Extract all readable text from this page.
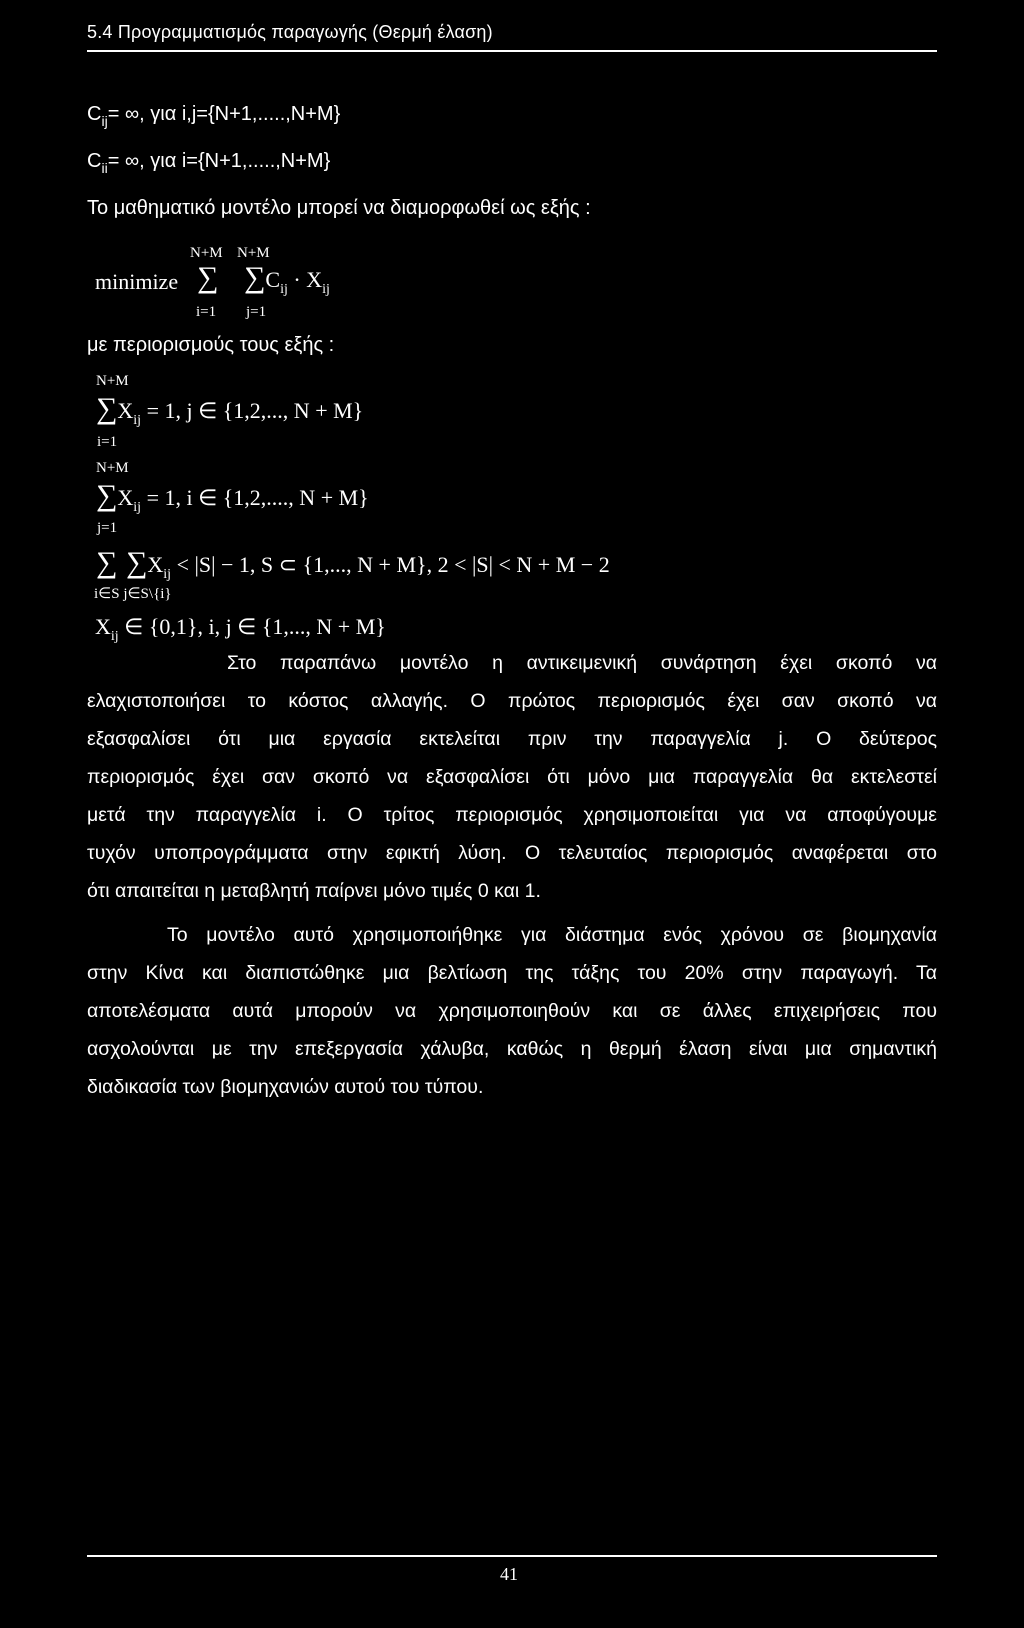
5.4 Προγραμματισμός παραγωγής (Θερμή έλαση)
$C_{ij}=$ ∞, για i,j={N+1,.....,N+M}
$C_{ii}=$ ∞, για i={N+1,.....,N+M}
Το μαθηματικό μοντέλο μπορεί να διαμορφωθεί ως εξής :
N+M N+M
minimize ∑ $\sum C_{ij} \cdot X_{ij}$
i=1 j=1
με περιορισμούς τους εξής :
N+M
$\sum X_{ij} = 1$, j ∈ {1,2,..., N + M}
i=1
N+M
$\sum X_{ij} = 1$, i ∈ {1,2,...., N + M}
j=1
∑ $\sum X_{ij} < |S| - 1$, S ⊂ {1,..., N + M}, 2 < |S| < N + M − 2
i∈S j∈S\{i}
$X_{ij}$ ∈ {0,1}, i, j ∈ {1,..., N + M}
Στο παραπάνω μοντέλο η αντικειμενική συνάρτηση έχει σκοπό να
ελαχιστοποιήσει το κόστος αλλαγής. Ο πρώτος περιορισμός έχει σαν σκοπό να
εξασφαλίσει ότι μια εργασία εκτελείται πριν την παραγγελία j. Ο δεύτερος
περιορισμός έχει σαν σκοπό να εξασφαλίσει ότι μόνο μια παραγγελία θα εκτελεστεί
μετά την παραγγελία i. Ο τρίτος περιορισμός χρησιμοποιείται για να αποφύγουμε
τυχόν υποπρογράμματα στην εφικτή λύση. Ο τελευταίος περιορισμός αναφέρεται στο
ότι απαιτείται η μεταβλητή παίρνει μόνο τιμές 0 και 1.
Το μοντέλο αυτό χρησιμοποιήθηκε για διάστημα ενός χρόνου σε βιομηχανία
στην Κίνα και διαπιστώθηκε μια βελτίωση της τάξης του 20% στην παραγωγή. Τα
αποτελέσματα αυτά μπορούν να χρησιμοποιηθούν και σε άλλες επιχειρήσεις που
ασχολούνται με την επεξεργασία χάλυβα, καθώς η θερμή έλαση είναι μια σημαντική
διαδικασία των βιομηχανιών αυτού του τύπου.
41
